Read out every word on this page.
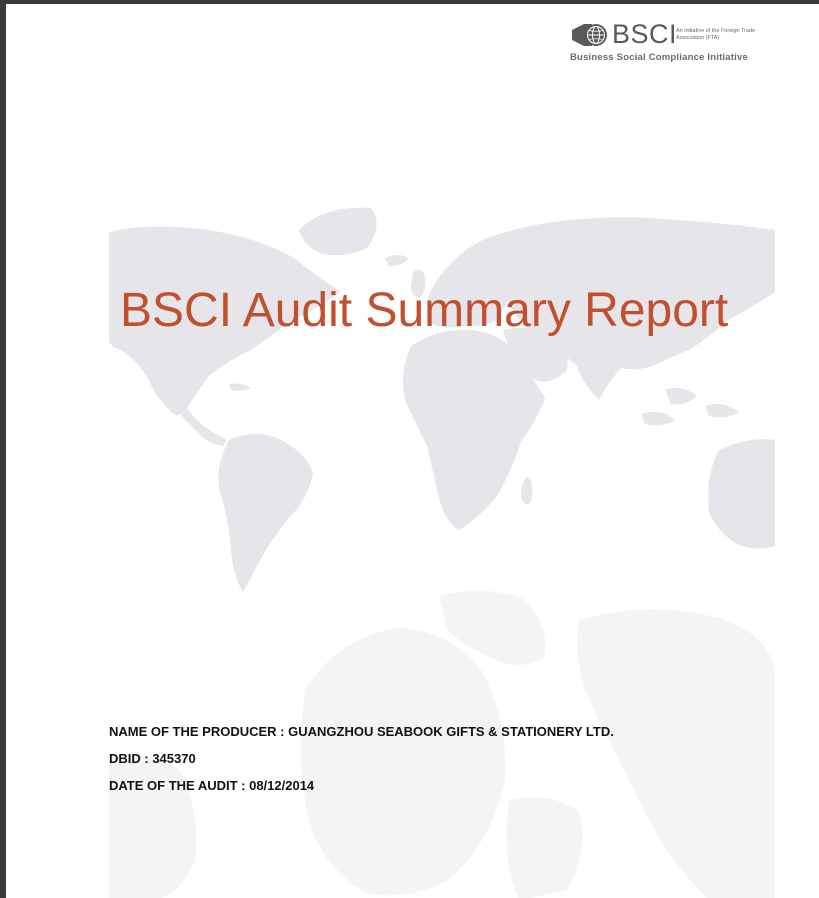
BSCI
An initiative of the Foreign Trade Association (FTA)
Business Social Compliance Initiative
BSCI Audit Summary Report
NAME OF THE PRODUCER : GUANGZHOU SEABOOK GIFTS & STATIONERY LTD.
DBID : 345370
DATE OF THE AUDIT : 08/12/2014
